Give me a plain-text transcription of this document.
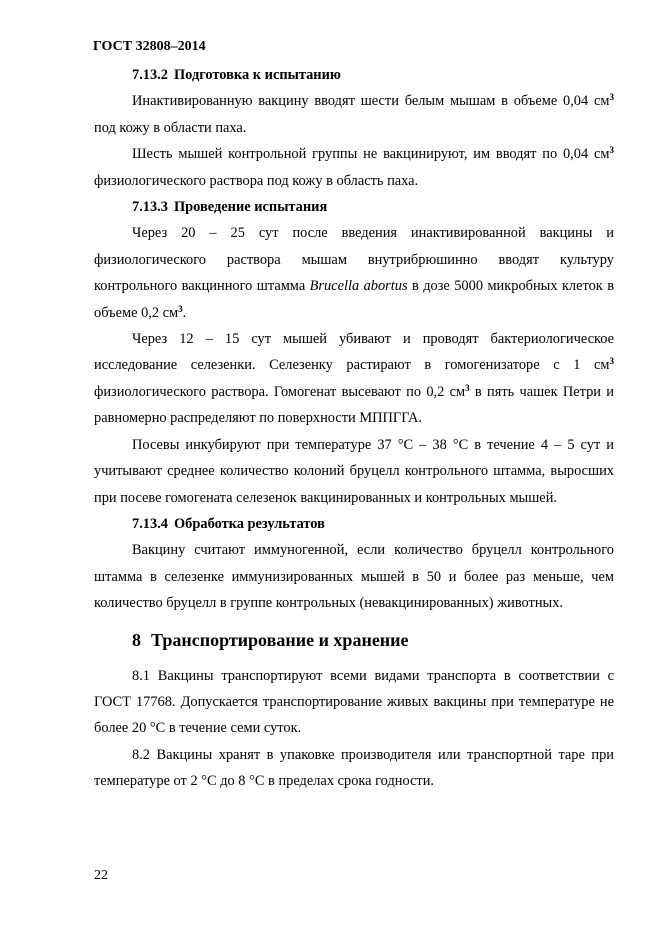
ГОСТ 32808–2014
7.13.2 Подготовка к испытанию

Инактивированную вакцину вводят шести белым мышам в объеме 0,04 $см^3$ под кожу в области паха.

Шесть мышей контрольной группы не вакцинируют, им вводят по 0,04 $см^3$ физиологического раствора под кожу в область паха.

7.13.3 Проведение испытания

Через 20 – 25 сут после введения инактивированной вакцины и физиологического раствора мышам внутрибрюшинно вводят культуру контрольного вакцинного штамма Brucella abortus в дозе 5000 микробных клеток в объеме 0,2 $см^3$.

Через 12 – 15 сут мышей убивают и проводят бактериологическое исследование селезенки. Селезенку растирают в гомогенизаторе с 1 $см^3$ физиологического раствора. Гомогенат высевают по 0,2 $см^3$ в пять чашек Петри и равномерно распределяют по поверхности МППГГА.

Посевы инкубируют при температуре 37 °С – 38 °С в течение 4 – 5 сут и учитывают среднее количество колоний бруцелл контрольного штамма, выросших при посеве гомогената селезенок вакцинированных и контрольных мышей.

7.13.4 Обработка результатов

Вакцину считают иммуногенной, если количество бруцелл контрольного штамма в селезенке иммунизированных мышей в 50 и более раз меньше, чем количество бруцелл в группе контрольных (невакцинированных) животных.

8 Транспортирование и хранение

8.1 Вакцины транспортируют всеми видами транспорта в соответствии с ГОСТ 17768. Допускается транспортирование живых вакцины при температуре не более 20 °С в течение семи суток.

8.2 Вакцины хранят в упаковке производителя или транспортной таре при температуре от 2 °С до 8 °С в пределах срока годности.

22
